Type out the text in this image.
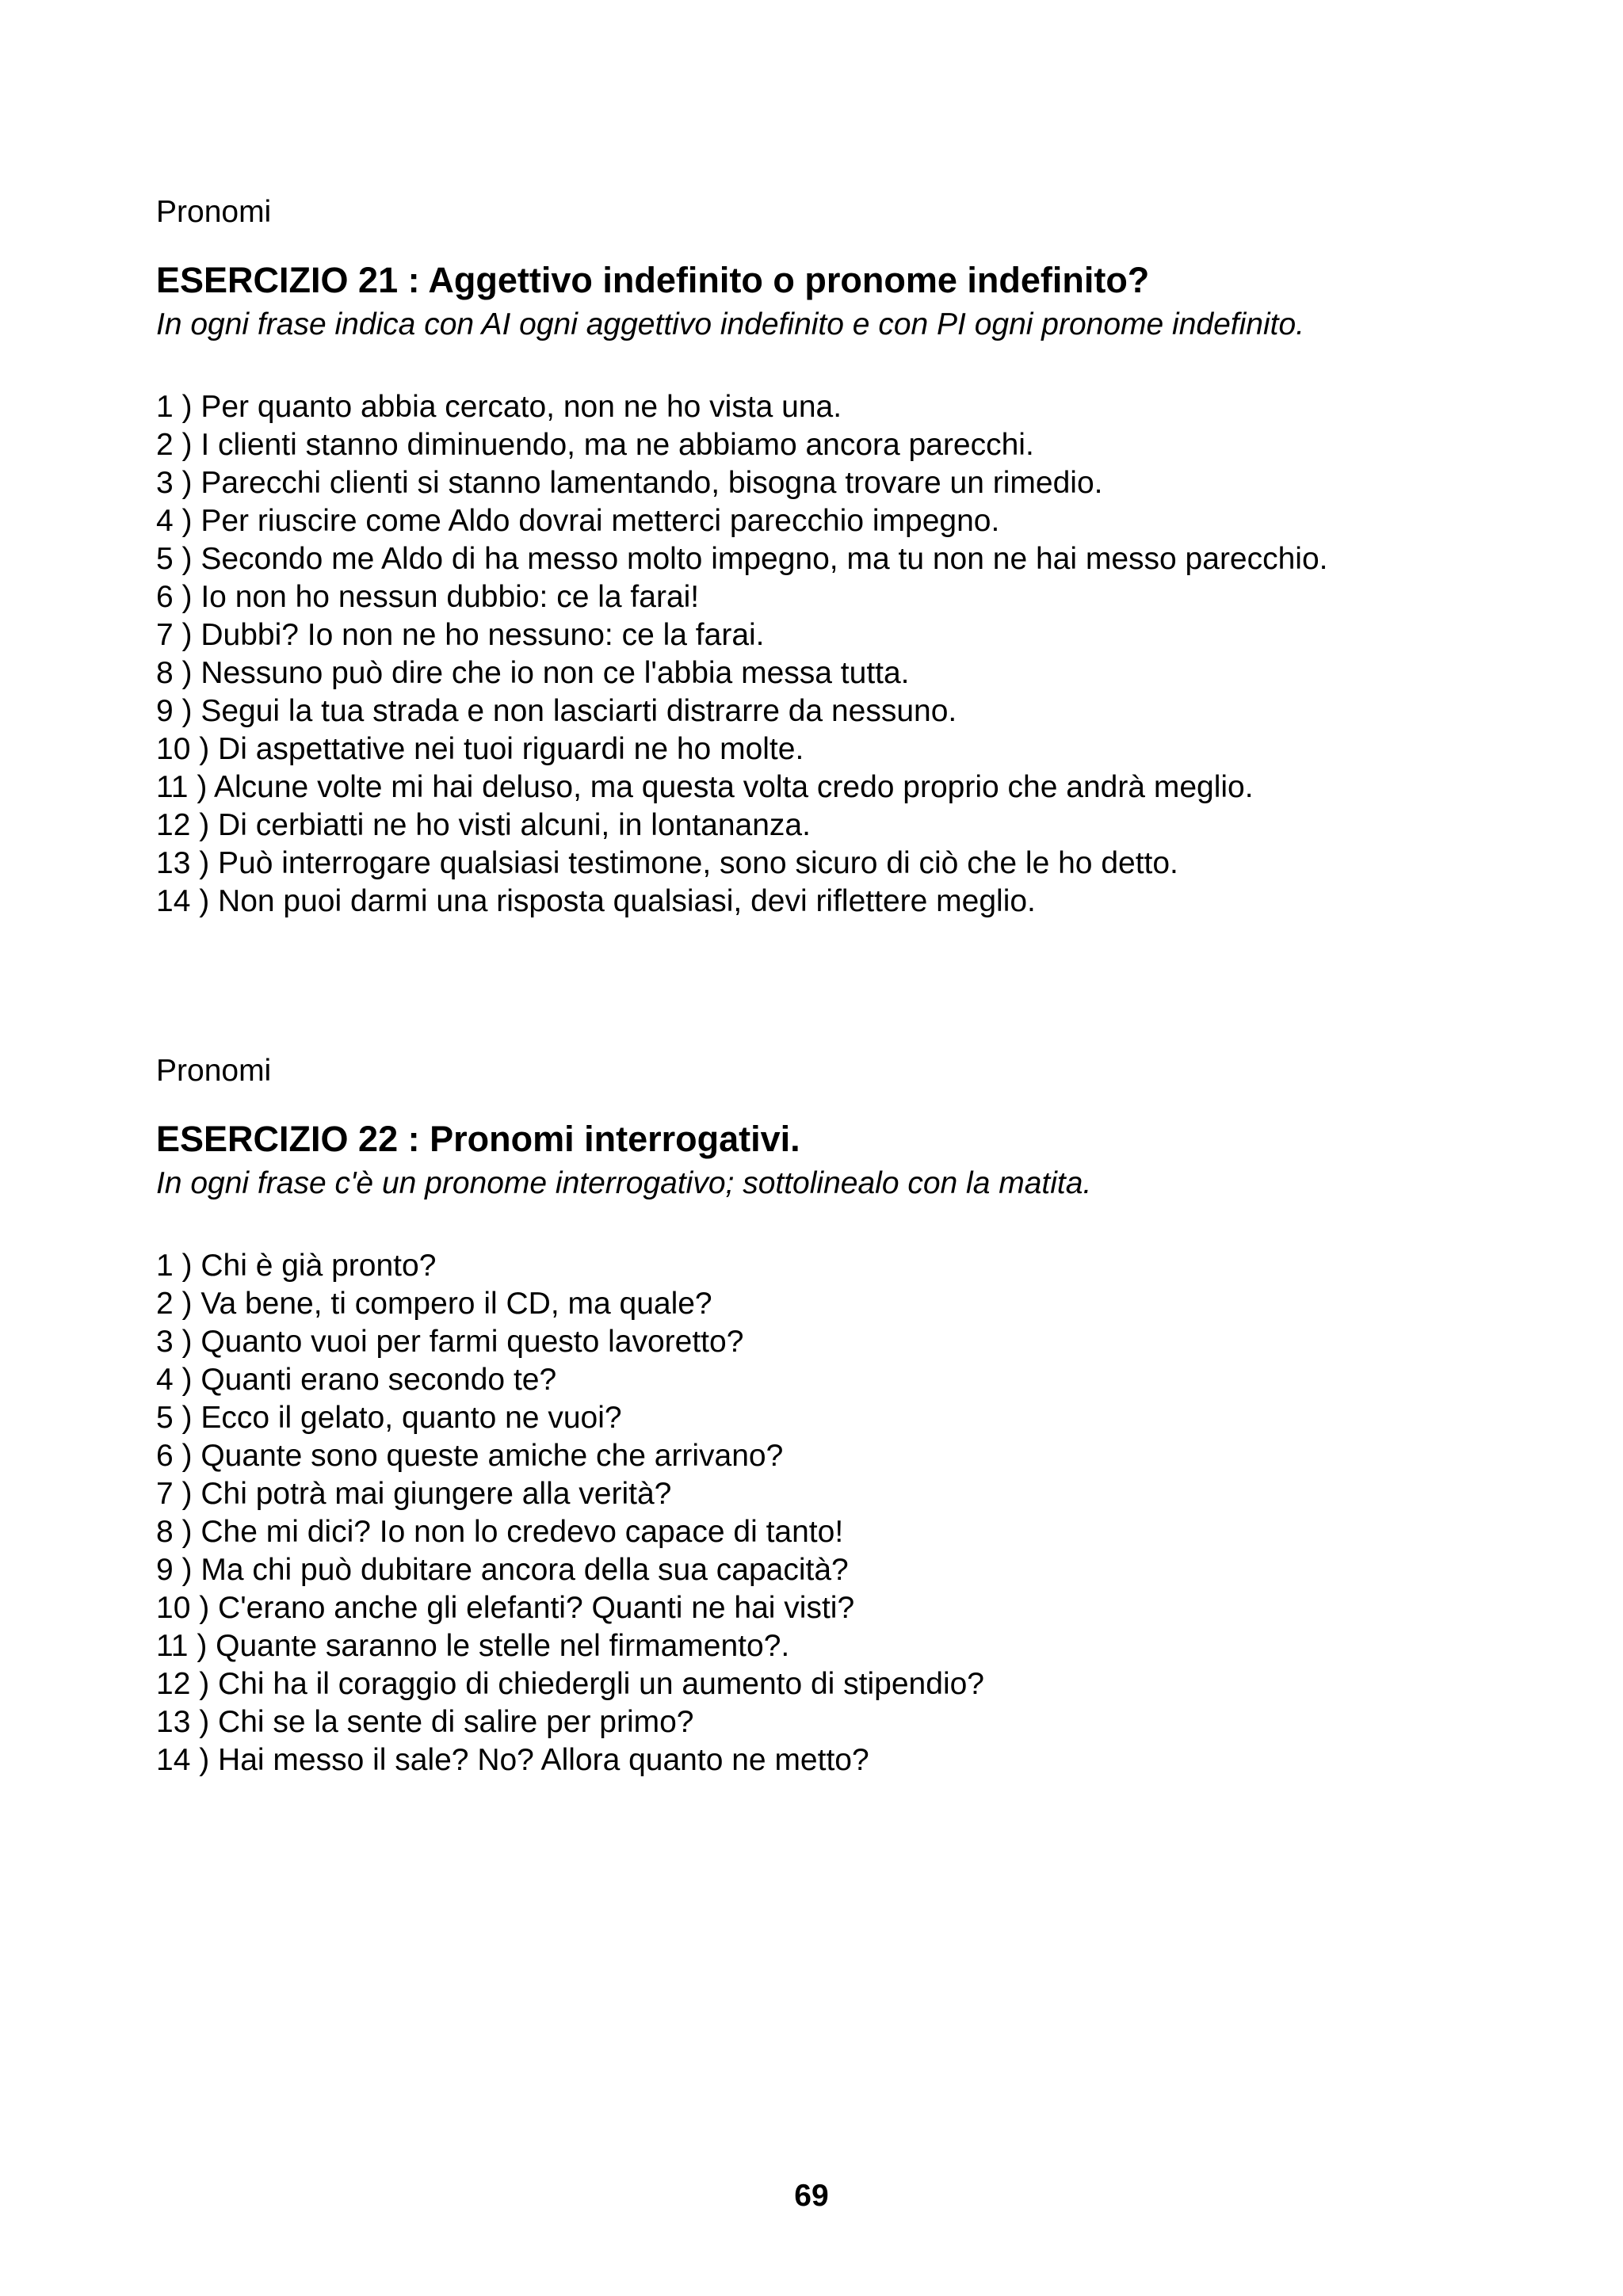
Pronomi

ESERCIZIO 21 : Aggettivo indefinito o pronome indefinito?

In ogni frase indica con AI ogni aggettivo indefinito e con PI ogni pronome indefinito.

1 ) Per quanto abbia cercato, non ne ho vista una.
2 ) I clienti stanno diminuendo, ma ne abbiamo ancora parecchi.
3 ) Parecchi clienti si stanno lamentando, bisogna trovare un rimedio.
4 ) Per riuscire come Aldo dovrai metterci parecchio impegno.
5 ) Secondo me Aldo di ha messo molto impegno, ma tu non ne hai messo parecchio.
6 ) Io non ho nessun dubbio: ce la farai!
7 ) Dubbi? Io non ne ho nessuno: ce la farai.
8 ) Nessuno può dire che io non ce l'abbia messa tutta.
9 ) Segui la tua strada e non lasciarti distrarre da nessuno.
10 ) Di aspettative nei tuoi riguardi ne ho molte.
11 ) Alcune volte mi hai deluso, ma questa volta credo proprio che andrà meglio.
12 ) Di cerbiatti ne ho visti alcuni, in lontananza.
13 ) Può interrogare qualsiasi testimone, sono sicuro di ciò che le ho detto.
14 ) Non puoi darmi una risposta qualsiasi, devi riflettere meglio.

Pronomi

ESERCIZIO 22 : Pronomi interrogativi.

In ogni frase c'è un pronome interrogativo; sottolinealo con la matita.

1 ) Chi è già pronto?
2 ) Va bene, ti compero il CD, ma quale?
3 ) Quanto vuoi per farmi questo lavoretto?
4 ) Quanti erano secondo te?
5 ) Ecco il gelato, quanto ne vuoi?
6 ) Quante sono queste amiche che arrivano?
7 ) Chi potrà mai giungere alla verità?
8 ) Che mi dici? Io non lo credevo capace di tanto!
9 ) Ma chi può dubitare ancora della sua capacità?
10 ) C'erano anche gli elefanti? Quanti ne hai visti?
11 ) Quante saranno le stelle nel firmamento?.
12 ) Chi ha il coraggio di chiedergli un aumento di stipendio?
13 ) Chi se la sente di salire per primo?
14 ) Hai messo il sale? No? Allora quanto ne metto?
69
